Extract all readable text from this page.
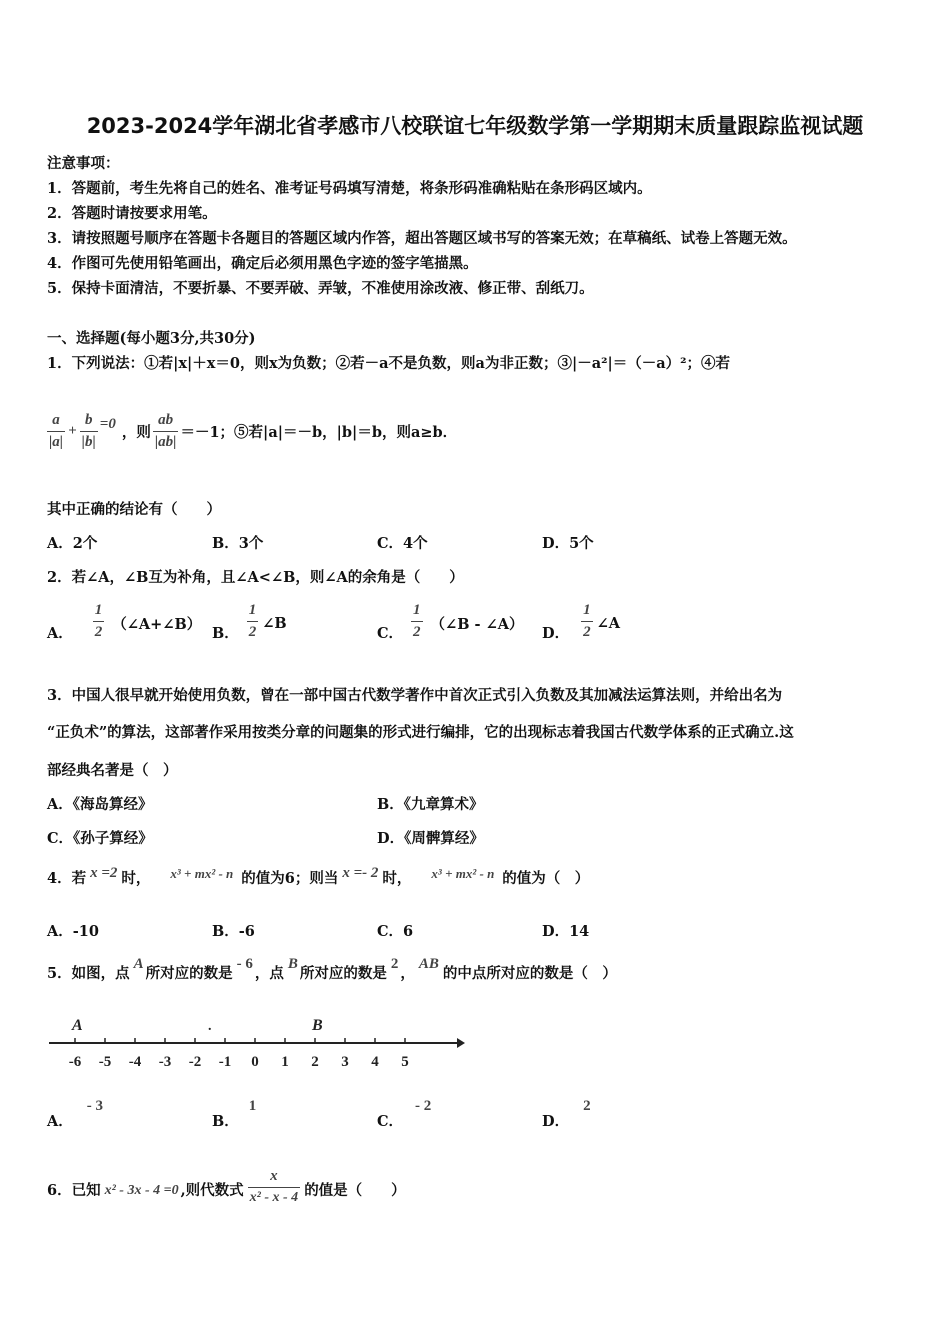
2023-2024学年湖北省孝感市八校联谊七年级数学第一学期期末质量跟踪监视试题
注意事项：
1．答题前，考生先将自己的姓名、准考证号码填写清楚，将条形码准确粘贴在条形码区域内。
2．答题时请按要求用笔。
3．请按照题号顺序在答题卡各题目的答题区域内作答，超出答题区域书写的答案无效；在草稿纸、试卷上答题无效。
4．作图可先使用铅笔画出，确定后必须用黑色字迹的签字笔描黑。
5．保持卡面清洁，不要折暴、不要弄破、弄皱，不准使用涂改液、修正带、刮纸刀。
一、选择题(每小题3分,共30分)
1．下列说法：①若|x|＋x＝0，则x为负数；②若－a不是负数，则a为非正数；③|－a²|＝（－a）²；④若
$\frac{a}{|a|} + \frac{b}{|b|} =0$ ，则 $\frac{ab}{|ab|} =-1$；⑤若|a|＝－b，|b|＝b，则a≥b．
其中正确的结论有（　　）
A．2个	B．3个	C．4个	D．5个
2．若∠A，∠B互为补角，且∠A<∠B，则∠A的余角是（　　）
A． $\frac{1}{2}$ （∠A+∠B）
B． $\frac{1}{2}$ ∠B
C． $\frac{1}{2}$ （∠B - ∠A）
D． $\frac{1}{2}$ ∠A
3．中国人很早就开始使用负数，曾在一部中国古代数学著作中首次正式引入负数及其加减法运算法则，并给出名为
“正负术”的算法，这部著作采用按类分章的问题集的形式进行编排，它的出现标志着我国古代数学体系的正式确立.这
部经典名著是（　）
A．《海岛算经》	B．《九章算术》
C．《孙子算经》	D．《周髀算经》
4．若 x =2 时， x³ + mx² - n 的值为6；则当 x =- 2 时， x³ + mx² - n 的值为（　）
A．-10	B．-6	C．6	D．14
5．如图，点
A
所对应的数是
- 6
，点
B
所对应的数是
2
，
AB
的中点所对应的数是（　）
-6 -5 -4 -3 -2 -1 0 1 2 3 4 5
A	B
.
A．
- 3
B．
1
C．
- 2
D．
2
6．已知 x² - 3x - 4 =0 ,则代数式 $\frac{x}{\text{x² - x - 4}}$ 的值是（　　）
